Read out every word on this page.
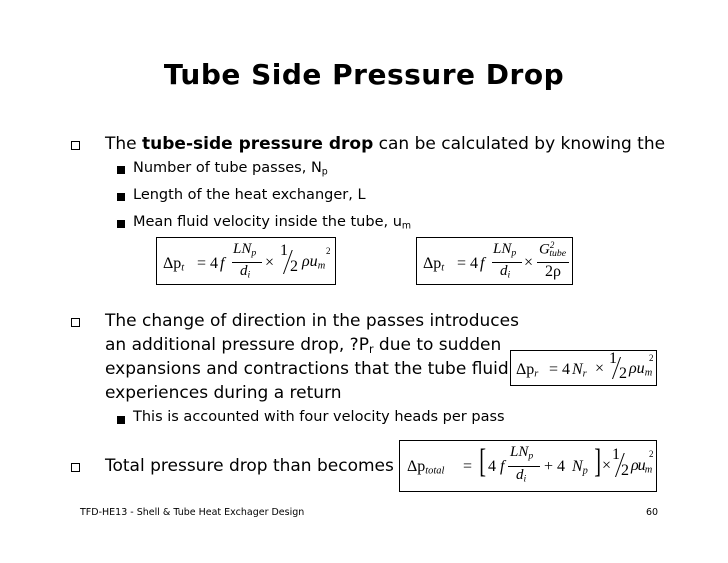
Tube Side Pressure Drop
The tube-side pressure drop can be calculated by knowing the
Number of tube passes, $N_p$
Length of the heat exchanger, L
Mean fluid velocity inside the tube, $u_m$
$\Delta p_t = 4$ f
$LN_p$
$d_i$
×
1
2 $\rho u_m$
2
$\Delta p_t = 4$ f
$LN_p$
$d_i$
×
$G^2_{tube}$
2ρ
The change of direction in the passes introduces
an additional pressure drop, $?P_r$ due to sudden
expansions and contractions that the tube fluid
experiences during a return
$\Delta p_r = 4$ $N_r$ ×
1
2 $\rho u_m$
2
This is accounted with four velocity heads per pass
Total pressure drop than becomes $\Delta p_{total}$ = [ 4 f
$LN_p$
$d_i$
+ 4 $N_p$ ] ×
1
2 $\rho u_m$
2
TFD-HE13 - Shell & Tube Heat Exchager Design	60
